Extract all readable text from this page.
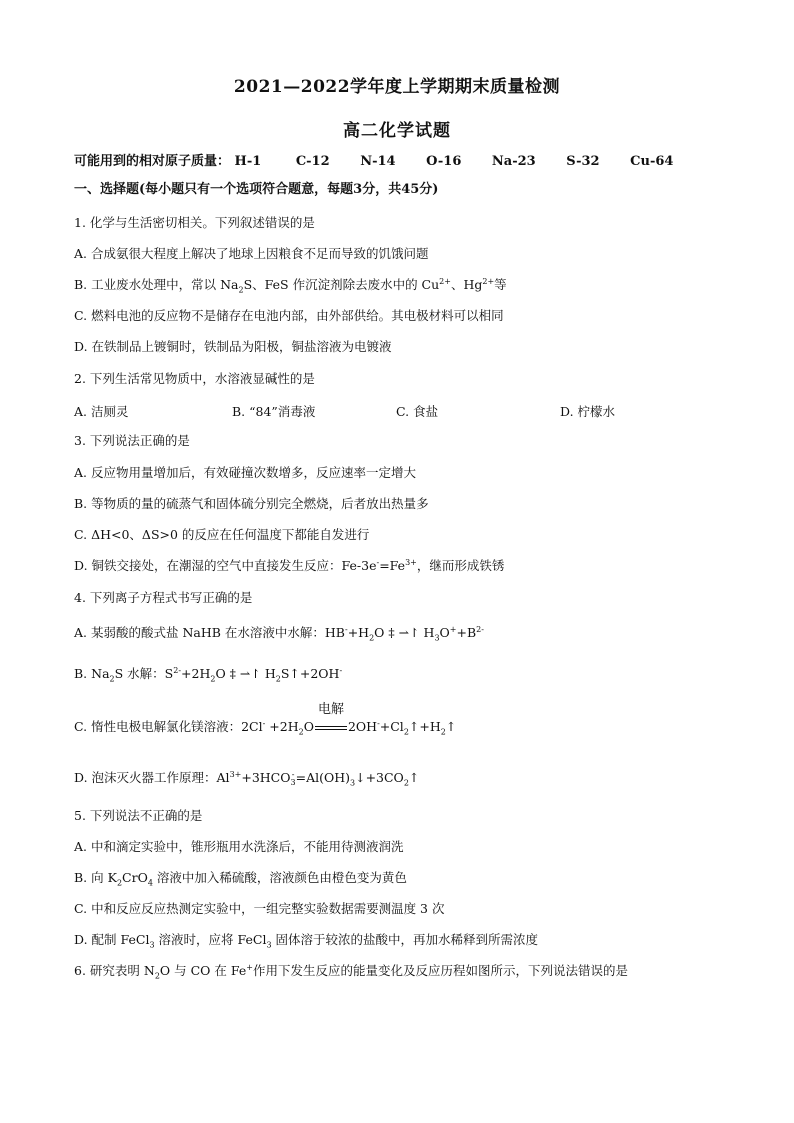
2021—2022学年度上学期期末质量检测
高二化学试题
可能用到的相对原子质量： H-1	C-12 N-14 O-16 Na-23 S-32 Cu-64
一、选择题(每小题只有一个选项符合题意，每题3分，共45分)
1. 化学与生活密切相关。下列叙述错误的是
A. 合成氨很大程度上解决了地球上因粮食不足而导致的饥饿问题
B. 工业废水处理中，常以 $Na_2S$、FeS 作沉淀剂除去废水中的 $Cu^{2+}$、$Hg^{2+}$等
C. 燃料电池的反应物不是储存在电池内部，由外部供给。其电极材料可以相同
D. 在铁制品上镀铜时，铁制品为阳极，铜盐溶液为电镀液
2. 下列生活常见物质中，水溶液显碱性的是
A. 洁厕灵	B. “84”消毒液	C. 食盐	D. 柠檬水
3. 下列说法正确的是
A. 反应物用量增加后，有效碰撞次数增多，反应速率一定增大
B. 等物质的量的硫蒸气和固体硫分别完全燃烧，后者放出热量多
C. ΔH<0、ΔS>0 的反应在任何温度下都能自发进行
D. 铜铁交接处，在潮湿的空气中直接发生反应：$Fe-3e^-=Fe^{3+}$，继而形成铁锈
4. 下列离子方程式书写正确的是
A. 某弱酸的酸式盐 NaHB 在水溶液中水解：$HB^-+H_2O$ ‡ ⇀↾ $H_3O^++B^{2-}$
B. $Na_2S$ 水解：$S^{2-}+2H_2O$ ‡ ⇀↾ $H_2S↑+2OH^-$
C. 惰性电极电解氯化镁溶液：$2Cl^- +2H_2O$
电解
$2OH^-+Cl_2↑+H_2↑$
D. 泡沫灭火器工作原理：$Al^{3+}+3HCO$ -
$3 =Al(OH)_3↓+3CO_2↑$
5. 下列说法不正确的是
A. 中和滴定实验中，锥形瓶用水洗涤后，不能用待测液润洗
B. 向 $K_2CrO_4$ 溶液中加入稀硫酸，溶液颜色由橙色变为黄色
C. 中和反应反应热测定实验中，一组完整实验数据需要测温度 3 次
D. 配制 FeCl$_3$ 溶液时，应将 FeCl$_3$ 固体溶于较浓的盐酸中，再加水稀释到所需浓度
6. 研究表明 $N_2O$ 与 CO 在 Fe+作用下发生反应的能量变化及反应历程如图所示，下列说法错误的是
